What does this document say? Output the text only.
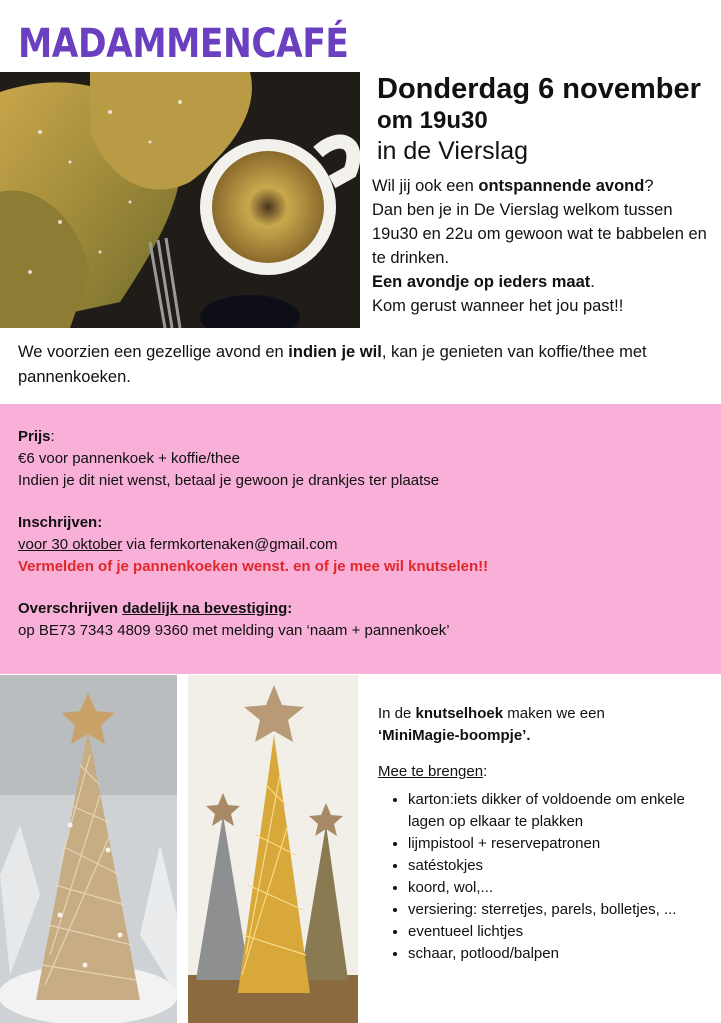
MADAMMENCAFÉ
Donderdag 6 november
om 19u30
in de Vierslag

Wil jij ook een ontspannende avond?

Dan ben je in De Vierslag welkom tussen 19u30 en 22u om gewoon wat te babbelen en te drinken.

Een avondje op ieders maat.

Kom gerust wanneer het jou past!!

We voorzien een gezellige avond en indien je wil, kan je genieten van koffie/thee met pannenkoeken.

Prijs:

€6 voor pannenkoek + koffie/thee

Indien je dit niet wenst, betaal je gewoon je drankjes ter plaatse

Inschrijven:

voor 30 oktober via fermkortenaken@gmail.com

Vermelden of je pannenkoeken wenst. en of je mee wil knutselen!!

Overschrijven dadelijk na bevestiging:

op BE73 7343 4809 9360 met melding van ‘naam + pannenkoek’

In de knutselhoek maken we een

‘MiniMagie-boompje’.

Mee te brengen:

• karton:iets dikker of voldoende om enkele lagen op elkaar te plakken
• lijmpistool + reservepatronen
• satéstokjes
• koord, wol,...
• versiering: sterretjes, parels, bolletjes, ...
• eventueel lichtjes
• schaar, potlood/balpen
